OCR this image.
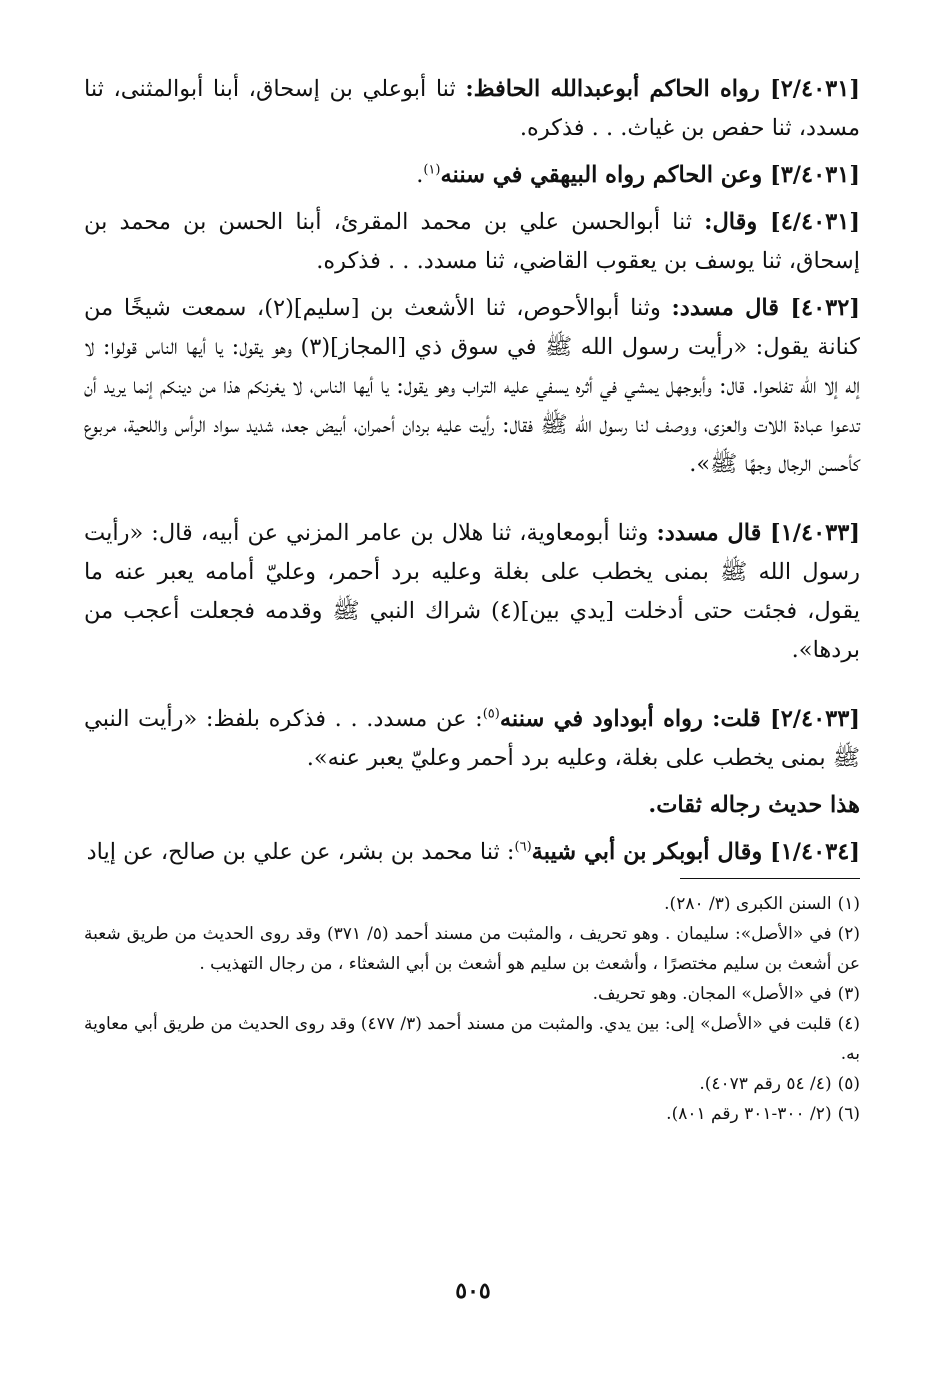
[٢/٤٠٣١] رواه الحاكم أبوعبدالله الحافظ: ثنا أبوعلي بن إسحاق، أبنا أبوالمثنى، ثنا مسدد، ثنا حفص بن غياث. . . فذكره.

[٣/٤٠٣١] وعن الحاكم رواه البيهقي في سننه$^{(١)}$.

[٤/٤٠٣١] وقال: ثنا أبوالحسن علي بن محمد المقرئ، أبنا الحسن بن محمد بن إسحاق، ثنا يوسف بن يعقوب القاضي، ثنا مسدد. . . فذكره.

[٤٠٣٢] قال مسدد: وثنا أبوالأحوص، ثنا الأشعث بن [سليم](٢)، سمعت شيخًا من كنانة يقول: «رأيت رسول الله ﷺ في سوق ذي [المجاز](٣) وهو يقول: يا أيها الناس قولوا: لا إله إلا الله تفلحوا. قال: وأبوجهل يمشي في أثره يسفي عليه التراب وهو يقول: يا أيها الناس، لا يغرنكم هذا من دينكم إنما يريد أن تدعوا عبادة اللات والعزى، ووصف لنا رسول الله ﷺ فقال: رأيت عليه بردان أحمران، أبيض جعد، شديد سواد الرأس واللحية، مربوع كأحسن الرجال وجهًا ﷺ».

[١/٤٠٣٣] قال مسدد: وثنا أبومعاوية، ثنا هلال بن عامر المزني عن أبيه، قال: «رأيت رسول الله ﷺ بمنى يخطب على بغلة وعليه برد أحمر، وعليّ أمامه يعبر عنه ما يقول، فجئت حتى أدخلت [يدي بين](٤) شراك النبي ﷺ وقدمه فجعلت أعجب من بردها».

[٢/٤٠٣٣] قلت: رواه أبوداود في سننه$^{(٥)}$: عن مسدد. . . فذكره بلفظ: «رأيت النبي ﷺ بمنى يخطب على بغلة، وعليه برد أحمر وعليّ يعبر عنه».

هذا حديث رجاله ثقات.

[١/٤٠٣٤] وقال أبوبكر بن أبي شيبة$^{(٦)}$: ثنا محمد بن بشر، عن علي بن صالح، عن إياد

(١)السنن الكبرى (٣/ ٢٨٠).

(٢)في «الأصل»: سليمان . وهو تحريف ، والمثبت من مسند أحمد (٥/ ٣٧١) وقد روى الحديث من طريق شعبة عن أشعث بن سليم مختصرًا ، وأشعث بن سليم هو أشعث بن أبي الشعثاء ، من رجال التهذيب .

(٣)في «الأصل» المجان. وهو تحريف.

(٤)قلبت في «الأصل» إلى: بين يدي. والمثبت من مسند أحمد (٣/ ٤٧٧) وقد روى الحديث من طريق أبي معاوية به.

(٥)(٤/ ٥٤ رقم ٤٠٧٣).

(٦)(٢/ ٣٠٠-٣٠١ رقم ٨٠١).

٥٠٥
